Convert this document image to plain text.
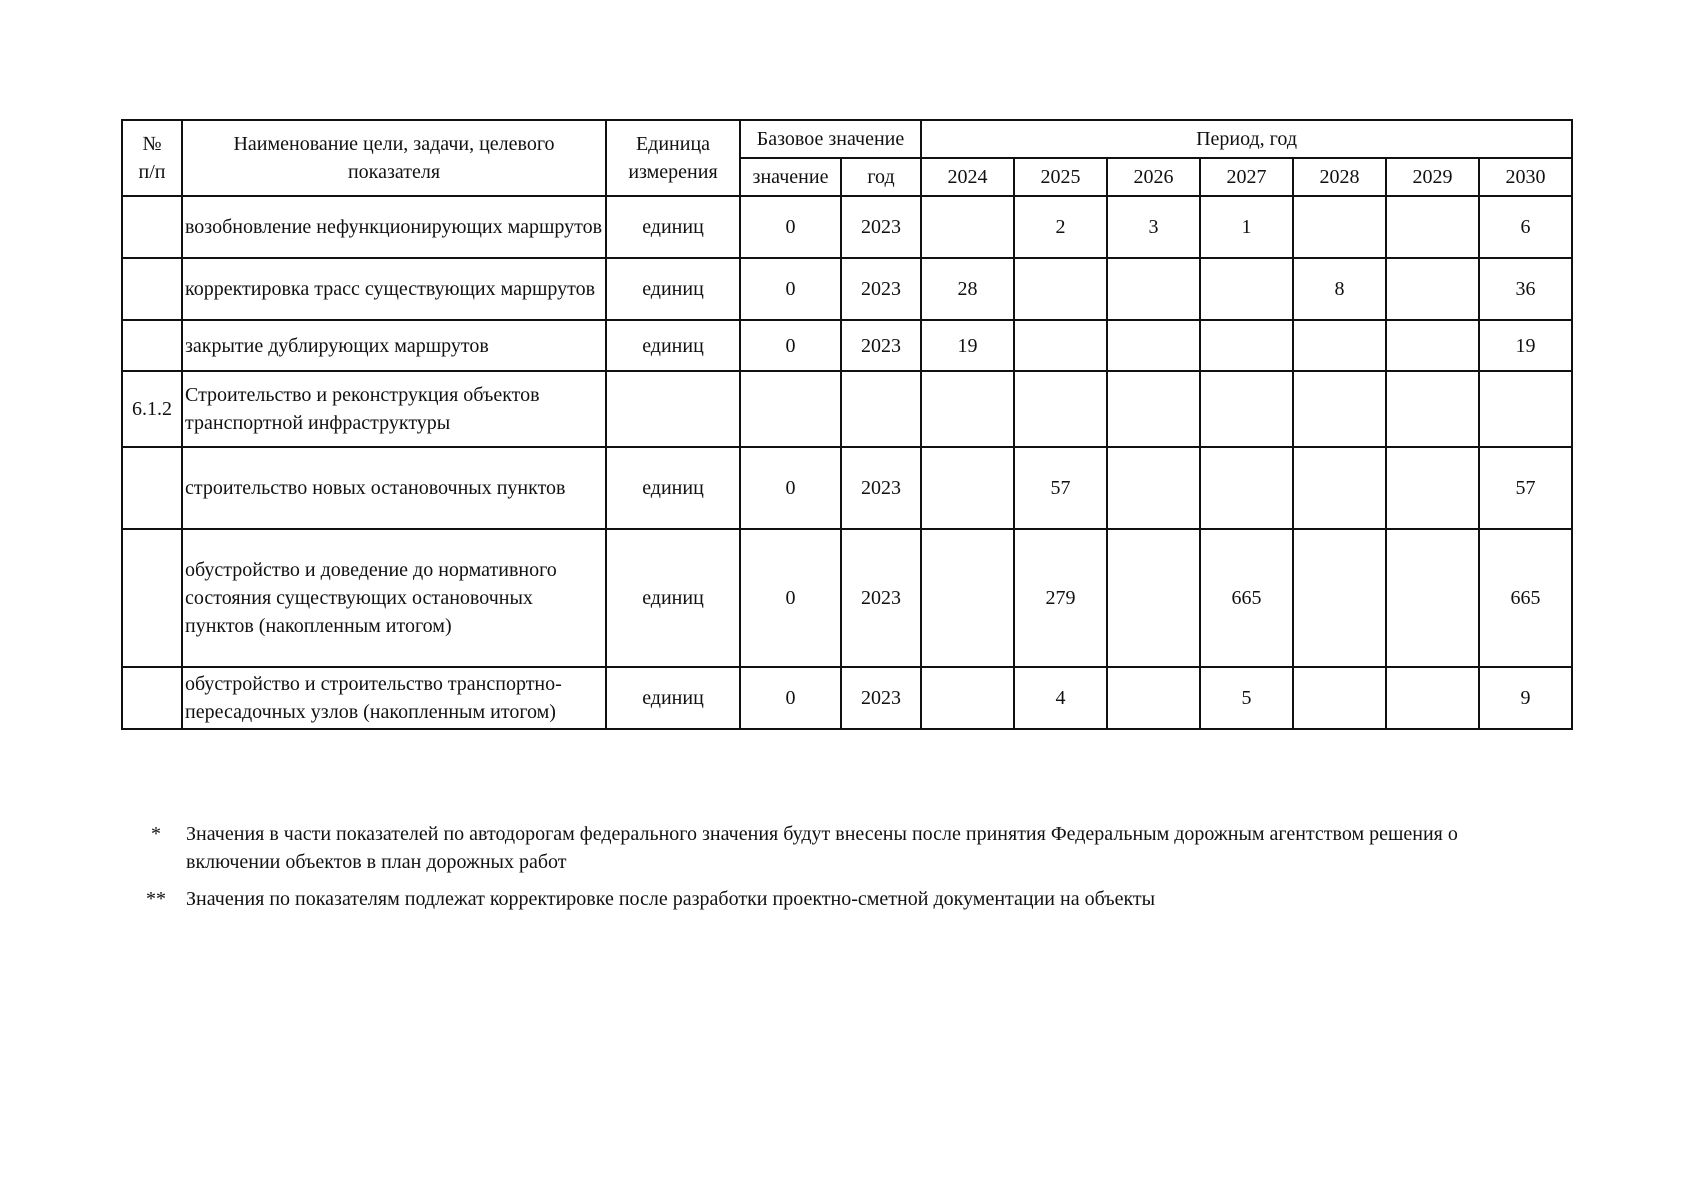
№
п/п	Наименование цели, задачи, целевого показателя	Единица измерения	Базовое значение		Период, год						
			значение	год	2024	2025	2026	2027	2028	2029	2030
	возобновление нефункционирующих маршрутов	единиц	0	2023		2	3	1			6
	корректировка трасс существующих маршрутов	единиц	0	2023	28				8		36
	закрытие дублирующих маршрутов	единиц	0	2023	19						19
6.1.2	Строительство и реконструкция объектов транспортной инфраструктуры										
	строительство новых остановочных пунктов	единиц	0	2023		57					57
	обустройство и доведение до нормативного состояния существующих остановочных пунктов (накопленным итогом)	единиц	0	2023		279		665			665
	обустройство и строительство транспортно-пересадочных узлов (накопленным итогом)	единиц	0	2023		4		5			9
*	Значения в части показателей по автодорогам федерального значения будут внесены после принятия Федеральным дорожным агентством решения о включении объектов в план дорожных работ
**	Значения по показателям подлежат корректировке после разработки проектно-сметной документации на объекты
